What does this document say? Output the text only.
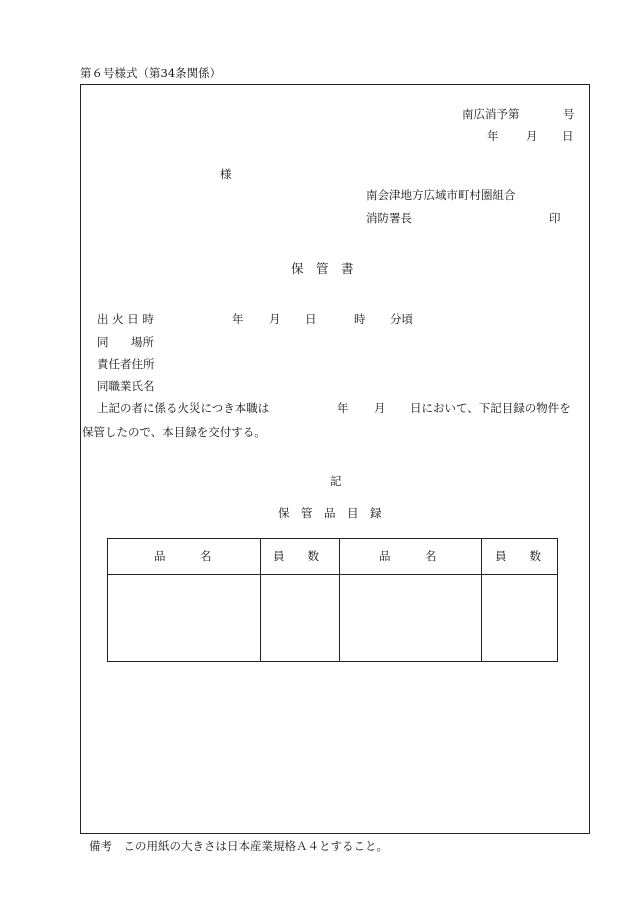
第６号様式（第34条関係）
南広消予第	号
年 月 日
様
南会津地方広域市町村圏組合
消防署長	印
保　管　書
出 火 日 時	年 月 日	時 分頃
同 場所
責任者住所
同職業氏名
上記の者に係る火災につき本職は	年 月 日において、下記目録の物件を
保管したので、本目録を交付する。
記
保　管　品　目　録
品　　　名	員　　数	品　　　名	員　　数
備考　この用紙の大きさは日本産業規格Ａ４とすること。
